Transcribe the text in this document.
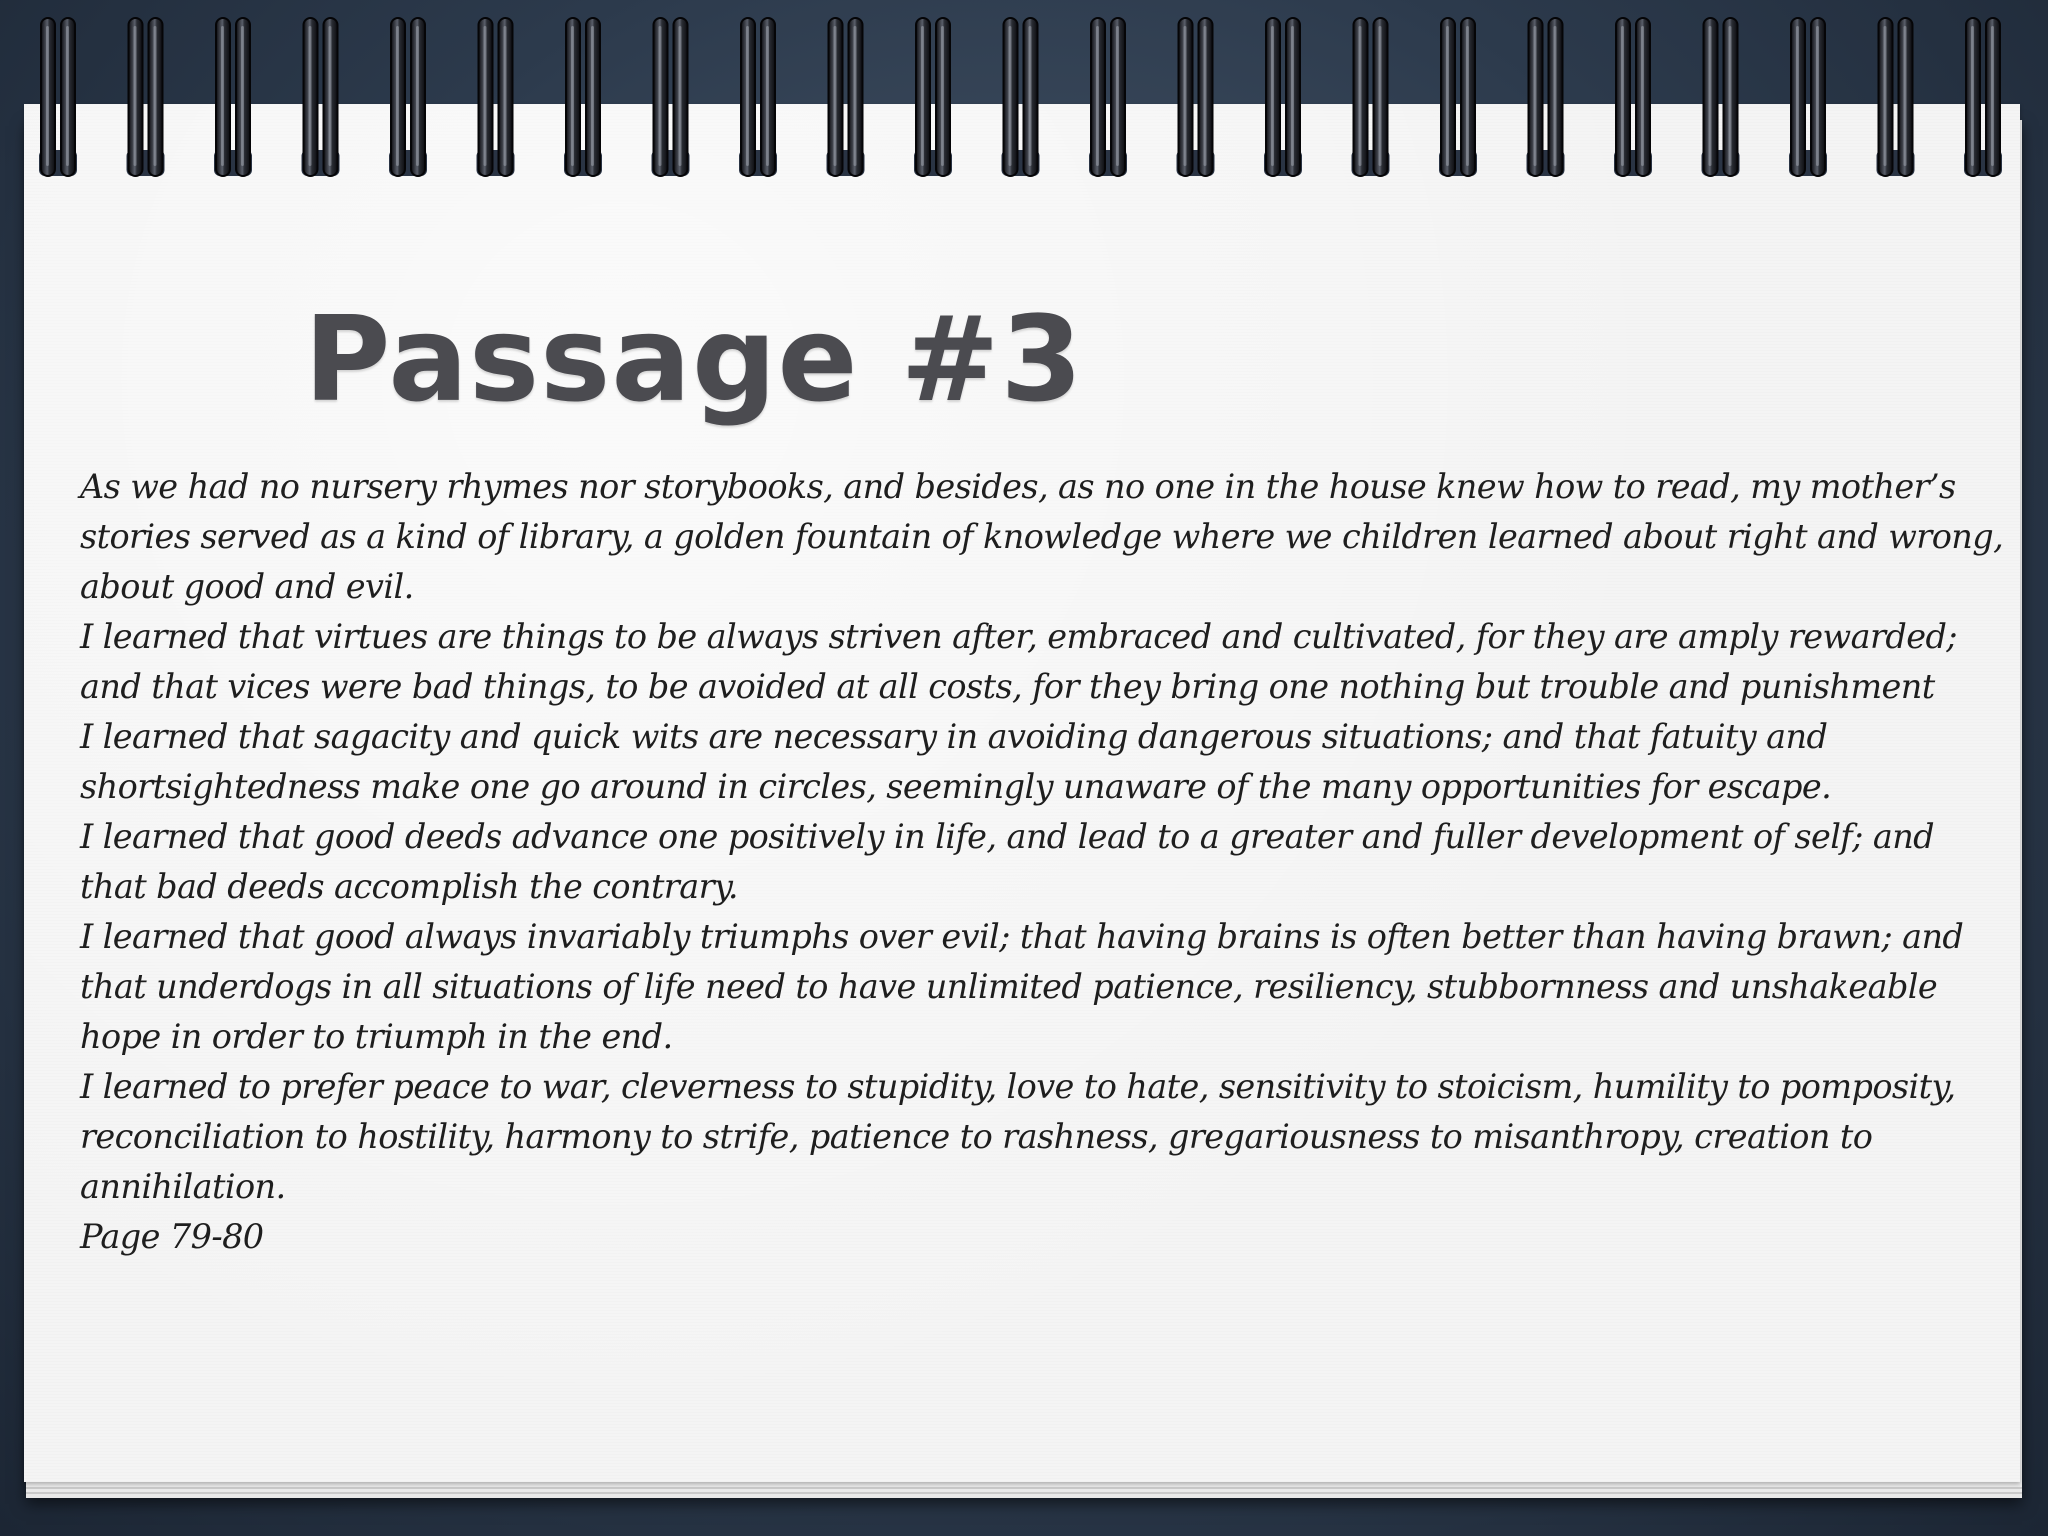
Passage #3

As we had no nursery rhymes nor storybooks, and besides, as no one in the house knew how to read, my mother’s stories served as a kind of library, a golden fountain of knowledge where we children learned about right and wrong, about good and evil.

I learned that virtues are things to be always striven after, embraced and cultivated, for they are amply rewarded; and that vices were bad things, to be avoided at all costs, for they bring one nothing but trouble and punishment

I learned that sagacity and quick wits are necessary in avoiding dangerous situations; and that fatuity and shortsightedness make one go around in circles, seemingly unaware of the many opportunities for escape.

I learned that good deeds advance one positively in life, and lead to a greater and fuller development of self; and that bad deeds accomplish the contrary.

I learned that good always invariably triumphs over evil; that having brains is often better than having brawn; and that underdogs in all situations of life need to have unlimited patience, resiliency, stubbornness and unshakeable hope in order to triumph in the end.

I learned to prefer peace to war, cleverness to stupidity, love to hate, sensitivity to stoicism, humility to pomposity, reconciliation to hostility, harmony to strife, patience to rashness, gregariousness to misanthropy, creation to annihilation.

Page 79-80
